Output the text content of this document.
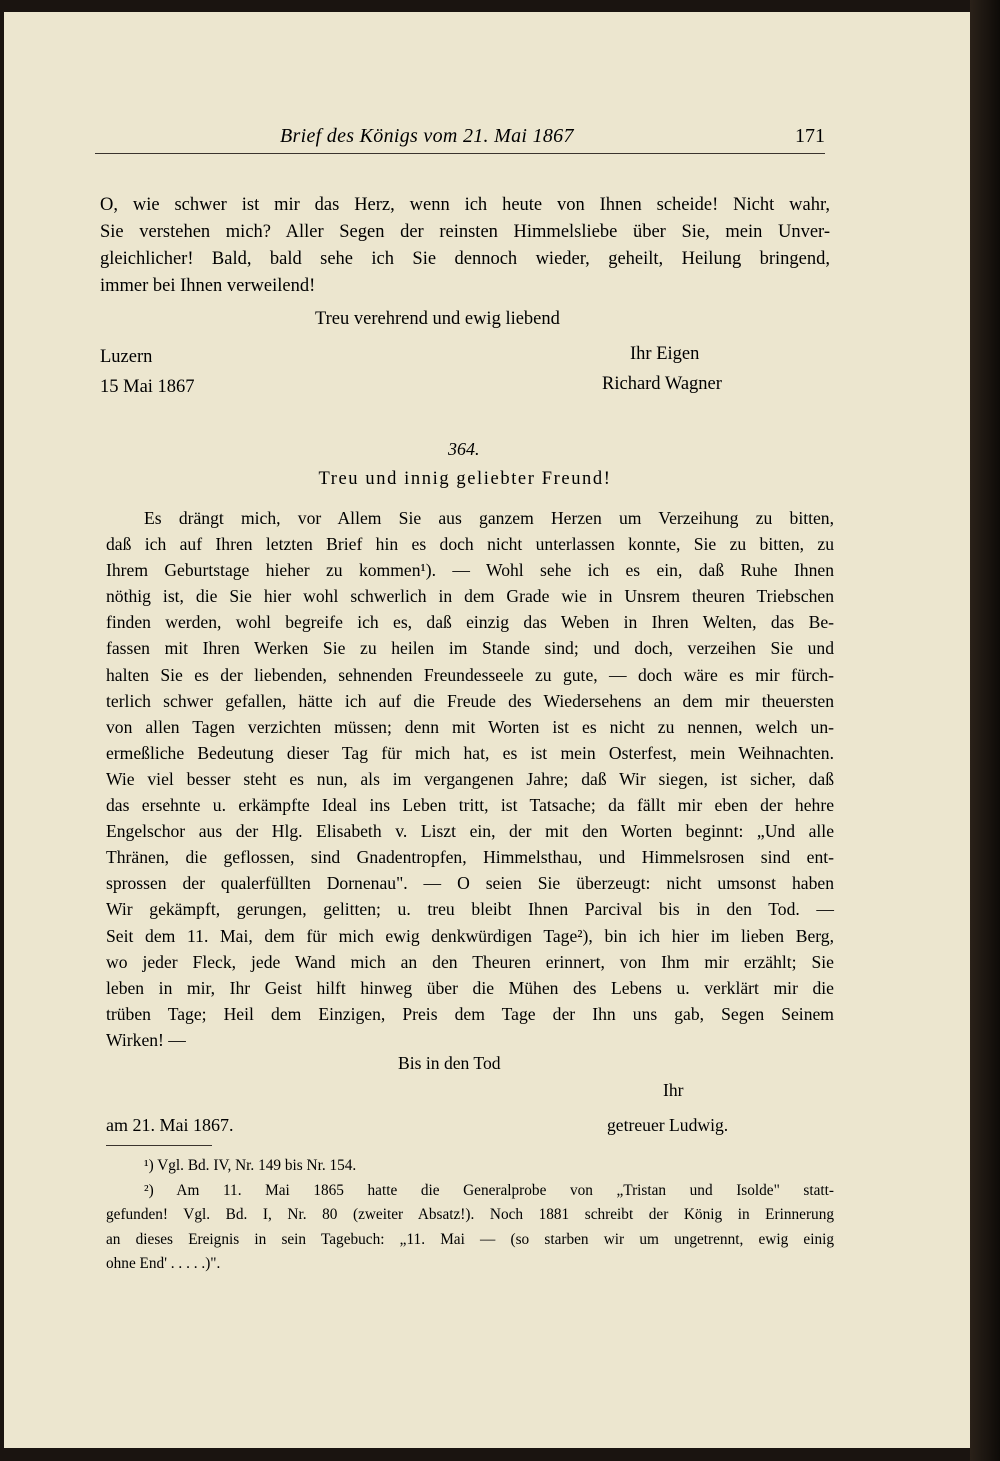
Brief des Königs vom 21. Mai 1867	171
O, wie schwer ist mir das Herz, wenn ich heute von Ihnen scheide! Nicht wahr,
Sie verstehen mich? Aller Segen der reinsten Himmelsliebe über Sie, mein Unver-
gleichlicher! Bald, bald sehe ich Sie dennoch wieder, geheilt, Heilung bringend,
immer bei Ihnen verweilend!
Treu verehrend und ewig liebend
Luzern
15 Mai 1867
Ihr Eigen
Richard Wagner
364.
Treu und innig geliebter Freund!
Es drängt mich, vor Allem Sie aus ganzem Herzen um Verzeihung zu bitten,
daß ich auf Ihren letzten Brief hin es doch nicht unterlassen konnte, Sie zu bitten, zu
Ihrem Geburtstage hieher zu kommen¹). — Wohl sehe ich es ein, daß Ruhe Ihnen
nöthig ist, die Sie hier wohl schwerlich in dem Grade wie in Unsrem theuren Triebschen
finden werden, wohl begreife ich es, daß einzig das Weben in Ihren Welten, das Be-
fassen mit Ihren Werken Sie zu heilen im Stande sind; und doch, verzeihen Sie und
halten Sie es der liebenden, sehnenden Freundesseele zu gute, — doch wäre es mir fürch-
terlich schwer gefallen, hätte ich auf die Freude des Wiedersehens an dem mir theuersten
von allen Tagen verzichten müssen; denn mit Worten ist es nicht zu nennen, welch un-
ermeßliche Bedeutung dieser Tag für mich hat, es ist mein Osterfest, mein Weihnachten.
Wie viel besser steht es nun, als im vergangenen Jahre; daß Wir siegen, ist sicher, daß
das ersehnte u. erkämpfte Ideal ins Leben tritt, ist Tatsache; da fällt mir eben der hehre
Engelschor aus der Hlg. Elisabeth v. Liszt ein, der mit den Worten beginnt: „Und alle
Thränen, die geflossen, sind Gnadentropfen, Himmelsthau, und Himmelsrosen sind ent-
sprossen der qualerfüllten Dornenau". — O seien Sie überzeugt: nicht umsonst haben
Wir gekämpft, gerungen, gelitten; u. treu bleibt Ihnen Parcival bis in den Tod. —
Seit dem 11. Mai, dem für mich ewig denkwürdigen Tage²), bin ich hier im lieben Berg,
wo jeder Fleck, jede Wand mich an den Theuren erinnert, von Ihm mir erzählt; Sie
leben in mir, Ihr Geist hilft hinweg über die Mühen des Lebens u. verklärt mir die
trüben Tage; Heil dem Einzigen, Preis dem Tage der Ihn uns gab, Segen Seinem
Wirken! —
Bis in den Tod
Ihr
am 21. Mai 1867.	getreuer Ludwig.
¹) Vgl. Bd. IV, Nr. 149 bis Nr. 154.
²) Am 11. Mai 1865 hatte die Generalprobe von „Tristan und Isolde" statt-
gefunden! Vgl. Bd. I, Nr. 80 (zweiter Absatz!). Noch 1881 schreibt der König in Erinnerung
an dieses Ereignis in sein Tagebuch: „11. Mai — (so starben wir um ungetrennt, ewig einig
ohne End' . . . . .)".
